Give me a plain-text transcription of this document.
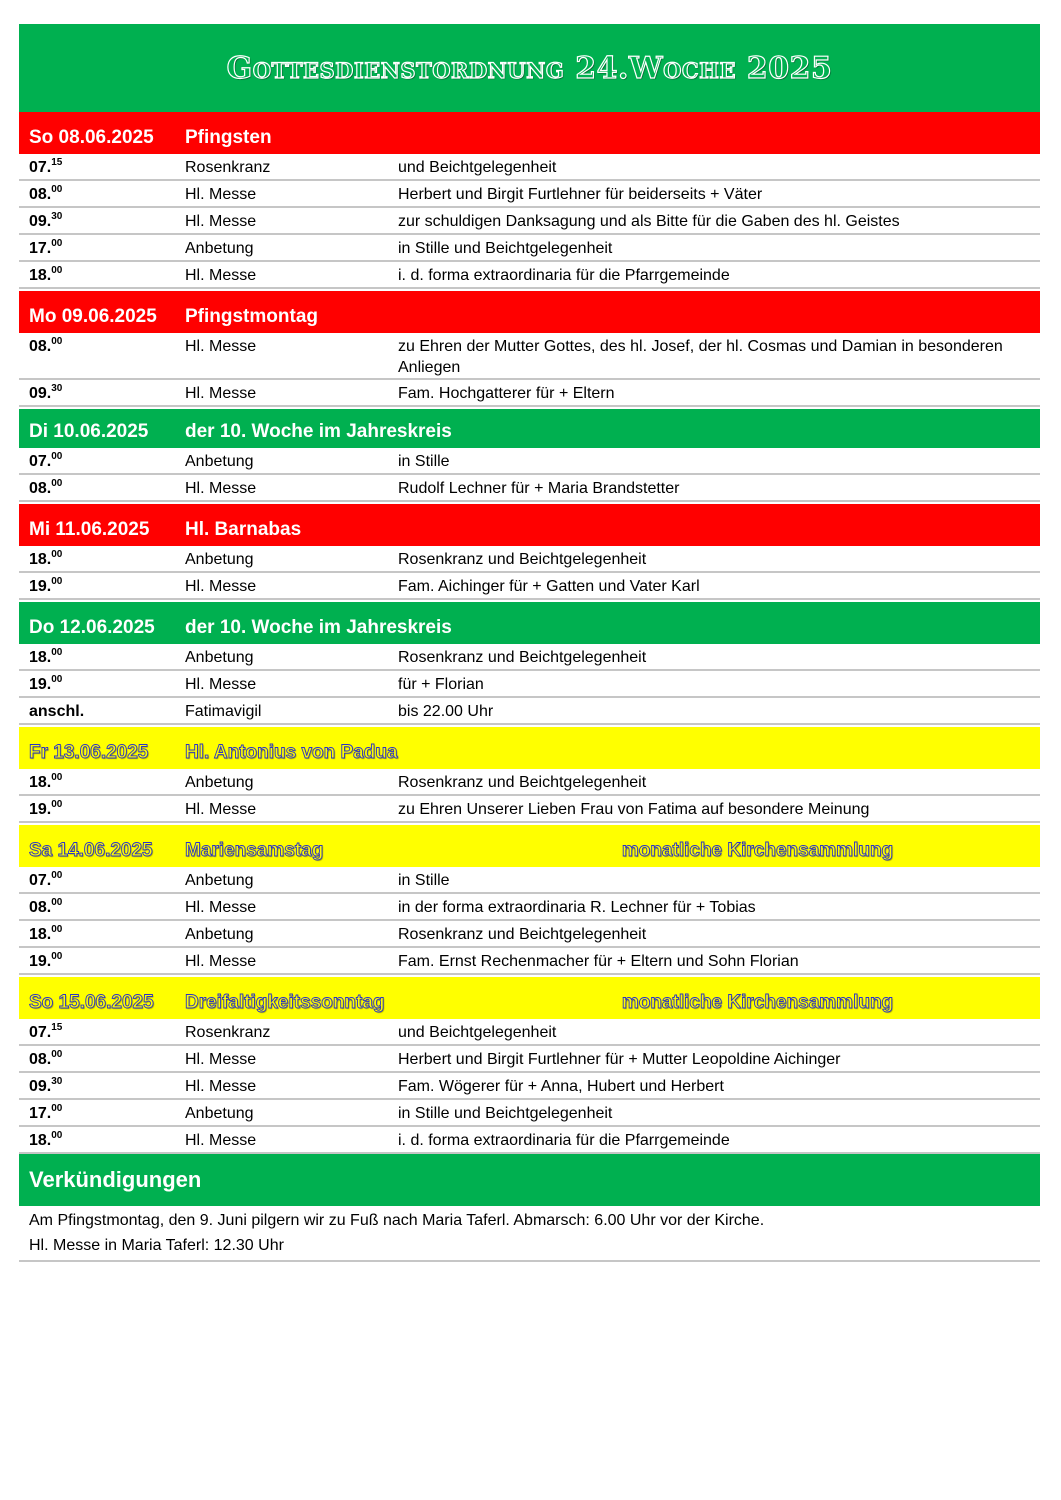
Gottesdienstordnung 24.Woche 2025
So 08.06.2025	Pfingsten
07.15	Rosenkranz	und Beichtgelegenheit
08.00	Hl. Messe	Herbert und Birgit Furtlehner für beiderseits + Väter
09.30	Hl. Messe	zur schuldigen Danksagung und als Bitte für die Gaben des hl. Geistes
17.00	Anbetung	in Stille und Beichtgelegenheit
18.00	Hl. Messe	i. d. forma extraordinaria für die Pfarrgemeinde
Mo 09.06.2025	Pfingstmontag
08.00	Hl. Messe	zu Ehren der Mutter Gottes, des hl. Josef, der hl. Cosmas und Damian in besonderen Anliegen
09.30	Hl. Messe	Fam. Hochgatterer für + Eltern
Di 10.06.2025	der 10. Woche im Jahreskreis
07.00	Anbetung	in Stille
08.00	Hl. Messe	Rudolf Lechner für + Maria Brandstetter
Mi 11.06.2025	Hl. Barnabas
18.00	Anbetung	Rosenkranz und Beichtgelegenheit
19.00	Hl. Messe	Fam. Aichinger für + Gatten und Vater Karl
Do 12.06.2025	der 10. Woche im Jahreskreis
18.00	Anbetung	Rosenkranz und Beichtgelegenheit
19.00	Hl. Messe	für + Florian
anschl.	Fatimavigil	bis 22.00 Uhr
Fr 13.06.2025	Hl. Antonius von Padua
18.00	Anbetung	Rosenkranz und Beichtgelegenheit
19.00	Hl. Messe	zu Ehren Unserer Lieben Frau von Fatima auf besondere Meinung
Sa 14.06.2025	Mariensamstag	monatliche Kirchensammlung
07.00	Anbetung	in Stille
08.00	Hl. Messe	in der forma extraordinaria R. Lechner für + Tobias
18.00	Anbetung	Rosenkranz und Beichtgelegenheit
19.00	Hl. Messe	Fam. Ernst Rechenmacher für + Eltern und Sohn Florian
So 15.06.2025	Dreifaltigkeitssonntag	monatliche Kirchensammlung
07.15	Rosenkranz	und Beichtgelegenheit
08.00	Hl. Messe	Herbert und Birgit Furtlehner für + Mutter Leopoldine Aichinger
09.30	Hl. Messe	Fam. Wögerer für + Anna, Hubert und Herbert
17.00	Anbetung	in Stille und Beichtgelegenheit
18.00	Hl. Messe	i. d. forma extraordinaria für die Pfarrgemeinde
Verkündigungen
Am Pfingstmontag, den 9. Juni pilgern wir zu Fuß nach Maria Taferl. Abmarsch: 6.00 Uhr vor der Kirche.
Hl. Messe in Maria Taferl: 12.30 Uhr
